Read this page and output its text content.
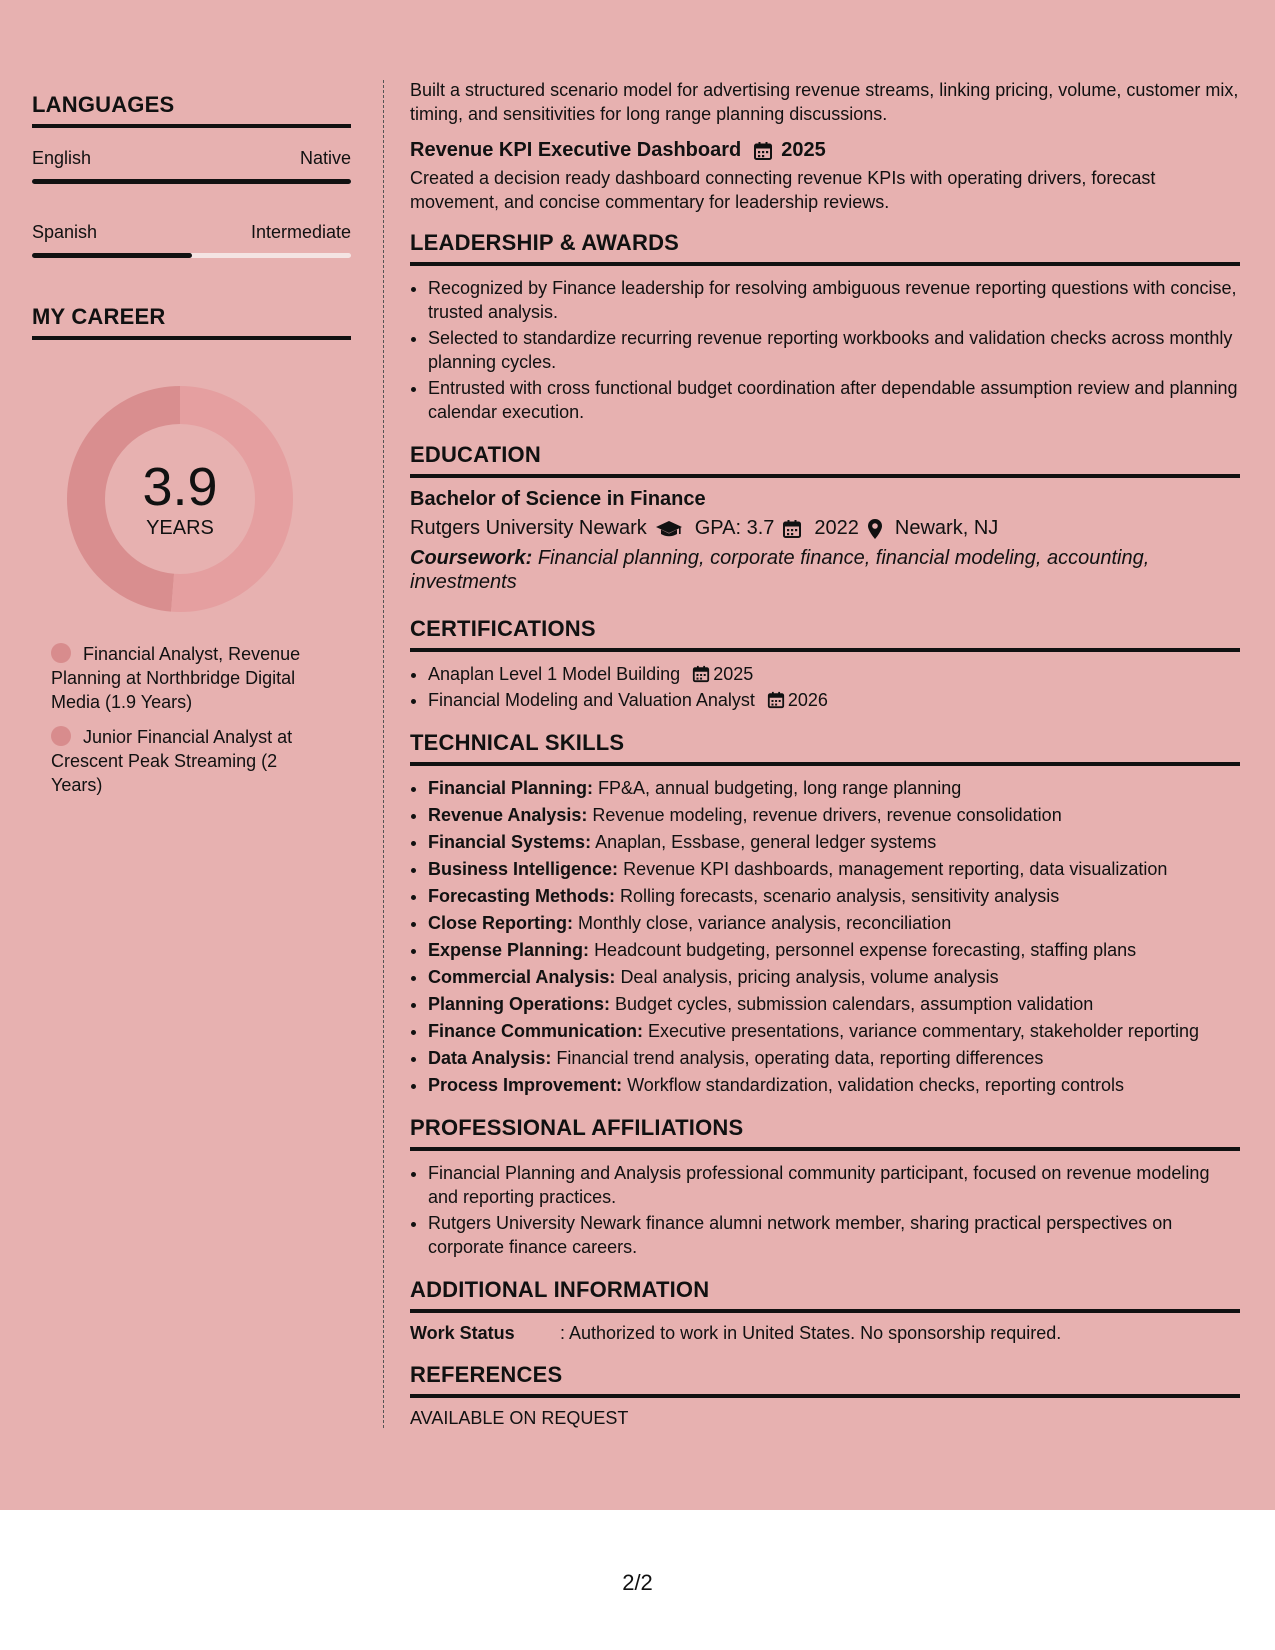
LANGUAGES
English	Native
Spanish	Intermediate
MY CAREER
3.9
YEARS
Financial Analyst, Revenue Planning at Northbridge Digital Media (1.9 Years)
Junior Financial Analyst at Crescent Peak Streaming (2 Years)
Built a structured scenario model for advertising revenue streams, linking pricing, volume, customer mix, timing, and sensitivities for long range planning discussions.
Revenue KPI Executive Dashboard 2025
Created a decision ready dashboard connecting revenue KPIs with operating drivers, forecast movement, and concise commentary for leadership reviews.
LEADERSHIP & AWARDS
• Recognized by Finance leadership for resolving ambiguous revenue reporting questions with concise, trusted analysis.
• Selected to standardize recurring revenue reporting workbooks and validation checks across monthly planning cycles.
• Entrusted with cross functional budget coordination after dependable assumption review and planning calendar execution.
EDUCATION
Bachelor of Science in Finance
Rutgers University Newark GPA: 3.7 2022 Newark, NJ
Coursework: Financial planning, corporate finance, financial modeling, accounting, investments
CERTIFICATIONS
• Anaplan Level 1 Model Building 2025
• Financial Modeling and Valuation Analyst 2026
TECHNICAL SKILLS
• Financial Planning: FP&A, annual budgeting, long range planning
• Revenue Analysis: Revenue modeling, revenue drivers, revenue consolidation
• Financial Systems: Anaplan, Essbase, general ledger systems
• Business Intelligence: Revenue KPI dashboards, management reporting, data visualization
• Forecasting Methods: Rolling forecasts, scenario analysis, sensitivity analysis
• Close Reporting: Monthly close, variance analysis, reconciliation
• Expense Planning: Headcount budgeting, personnel expense forecasting, staffing plans
• Commercial Analysis: Deal analysis, pricing analysis, volume analysis
• Planning Operations: Budget cycles, submission calendars, assumption validation
• Finance Communication: Executive presentations, variance commentary, stakeholder reporting
• Data Analysis: Financial trend analysis, operating data, reporting differences
• Process Improvement: Workflow standardization, validation checks, reporting controls
PROFESSIONAL AFFILIATIONS
• Financial Planning and Analysis professional community participant, focused on revenue modeling and reporting practices.
• Rutgers University Newark finance alumni network member, sharing practical perspectives on corporate finance careers.
ADDITIONAL INFORMATION
Work Status	: Authorized to work in United States. No sponsorship required.
REFERENCES
AVAILABLE ON REQUEST
2/2
